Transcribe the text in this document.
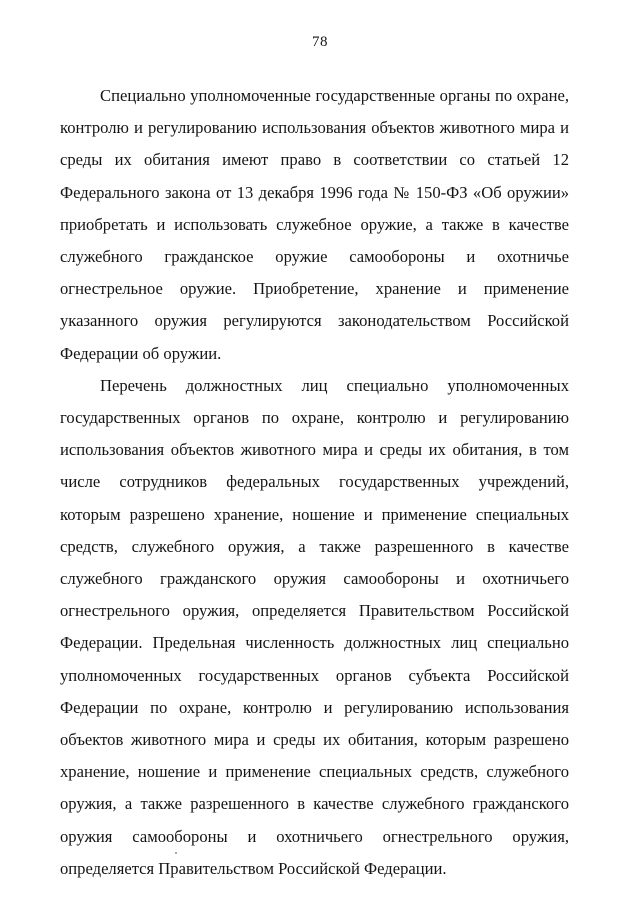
78

Специально уполномоченные государственные органы по охране, контролю и регулированию использования объектов животного мира и среды их обитания имеют право в соответствии со статьей 12 Федерального закона от 13 декабря 1996 года № 150-ФЗ «Об оружии» приобретать и использовать служебное оружие, а также в качестве служебного гражданское оружие самообороны и охотничье огнестрельное оружие. Приобретение, хранение и применение указанного оружия регулируются законодательством Российской Федерации об оружии.

Перечень должностных лиц специально уполномоченных государственных органов по охране, контролю и регулированию использования объектов животного мира и среды их обитания, в том числе сотрудников федеральных государственных учреждений, которым разрешено хранение, ношение и применение специальных средств, служебного оружия, а также разрешенного в качестве служебного гражданского оружия самообороны и охотничьего огнестрельного оружия, определяется Правительством Российской Федерации. Предельная численность должностных лиц специально уполномоченных государственных органов субъекта Российской Федерации по охране, контролю и регулированию использования объектов животного мира и среды их обитания, которым разрешено хранение, ношение и применение специальных средств, служебного оружия, а также разрешенного в качестве служебного гражданского оружия самообороны и охотничьего огнестрельного оружия, определяется Правительством Российской Федерации.
